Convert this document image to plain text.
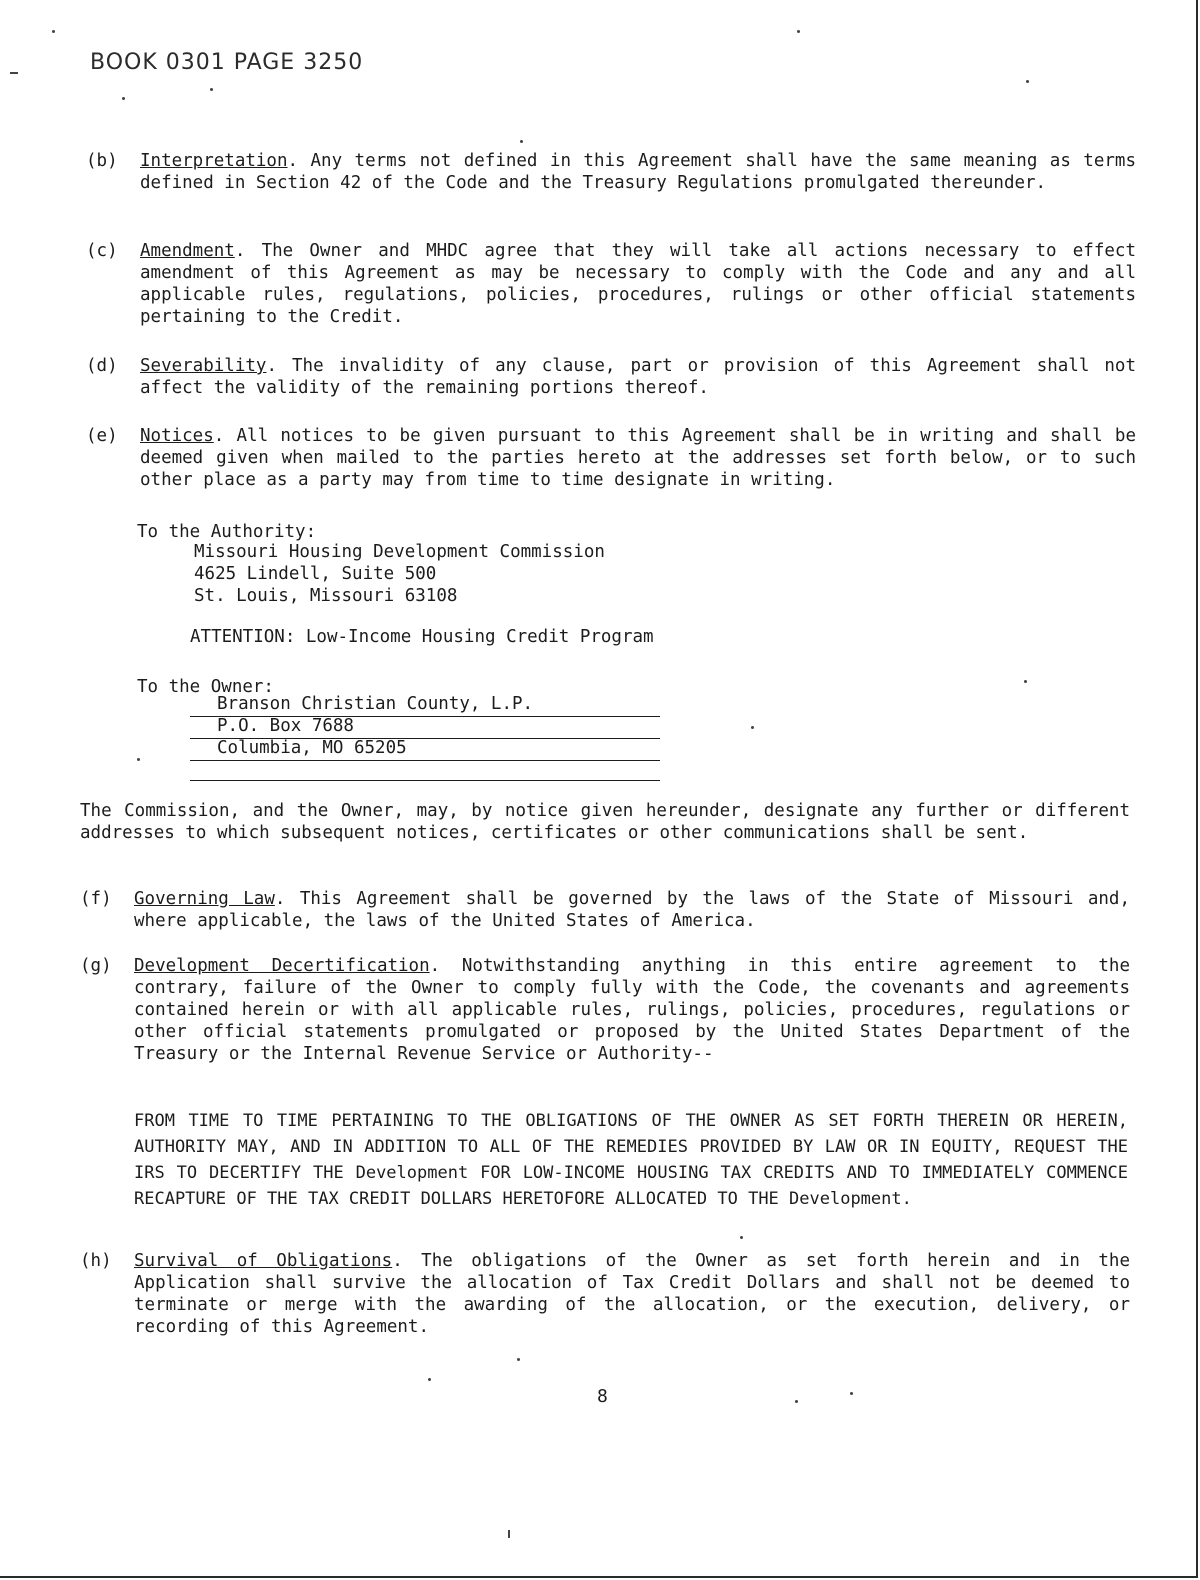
BOOK 0301 PAGE 3250
(b) Interpretation. Any terms not defined in this Agreement shall have the same meaning as terms defined in Section 42 of the Code and the Treasury Regulations promulgated thereunder.
(c) Amendment. The Owner and MHDC agree that they will take all actions necessary to effect amendment of this Agreement as may be necessary to comply with the Code and any and all applicable rules, regulations, policies, procedures, rulings or other official statements pertaining to the Credit.
(d) Severability. The invalidity of any clause, part or provision of this Agreement shall not affect the validity of the remaining portions thereof.
(e) Notices. All notices to be given pursuant to this Agreement shall be in writing and shall be deemed given when mailed to the parties hereto at the addresses set forth below, or to such other place as a party may from time to time designate in writing.
To the Authority:
Missouri Housing Development Commission
4625 Lindell, Suite 500
St. Louis, Missouri 63108
ATTENTION: Low-Income Housing Credit Program
To the Owner:
Branson Christian County, L.P.
P.O. Box 7688
Columbia, MO 65205
The Commission, and the Owner, may, by notice given hereunder, designate any further or different addresses to which subsequent notices, certificates or other communications shall be sent.
(f) Governing Law. This Agreement shall be governed by the laws of the State of Missouri and, where applicable, the laws of the United States of America.
(g) Development Decertification. Notwithstanding anything in this entire agreement to the contrary, failure of the Owner to comply fully with the Code, the covenants and agreements contained herein or with all applicable rules, rulings, policies, procedures, regulations or other official statements promulgated or proposed by the United States Department of the Treasury or the Internal Revenue Service or Authority--
FROM TIME TO TIME PERTAINING TO THE OBLIGATIONS OF THE OWNER AS SET FORTH THEREIN OR HEREIN, AUTHORITY MAY, AND IN ADDITION TO ALL OF THE REMEDIES PROVIDED BY LAW OR IN EQUITY, REQUEST THE IRS TO DECERTIFY THE Development FOR LOW-INCOME HOUSING TAX CREDITS AND TO IMMEDIATELY COMMENCE RECAPTURE OF THE TAX CREDIT DOLLARS HERETOFORE ALLOCATED TO THE Development.
(h) Survival of Obligations. The obligations of the Owner as set forth herein and in the Application shall survive the allocation of Tax Credit Dollars and shall not be deemed to terminate or merge with the awarding of the allocation, or the execution, delivery, or recording of this Agreement.
8
